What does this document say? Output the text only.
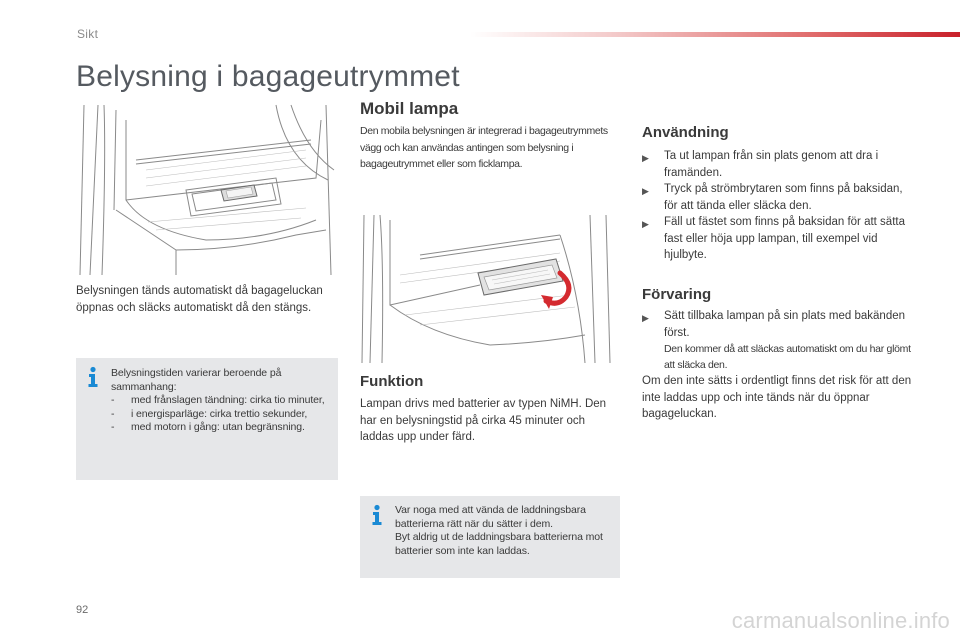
Sikt
Belysning i bagageutrymmet
Belysningen tänds automatiskt då bagageluckan öppnas och släcks automatiskt då den stängs.
Belysningstiden varierar beroende på sammanhang:
-	med frånslagen tändning: cirka tio minuter,
-	i energisparläge: cirka trettio sekunder,
-	med motorn i gång: utan begränsning.
Mobil lampa
Den mobila belysningen är integrerad i bagageutrymmets vägg och kan användas antingen som belysning i bagageutrymmet eller som ficklampa.
Funktion
Lampan drivs med batterier av typen NiMH. Den har en belysningstid på cirka 45 minuter och laddas upp under färd.
Var noga med att vända de laddningsbara batterierna rätt när du sätter i dem.
Byt aldrig ut de laddningsbara batterierna mot batterier som inte kan laddas.
Användning
▶	Ta ut lampan från sin plats genom att dra i framänden.
▶	Tryck på strömbrytaren som finns på baksidan, för att tända eller släcka den.
▶	Fäll ut fästet som finns på baksidan för att sätta fast eller höja upp lampan, till exempel vid hjulbyte.
Förvaring
▶	Sätt tillbaka lampan på sin plats med bakänden först.
Den kommer då att släckas automatiskt om du har glömt att släcka den.
Om den inte sätts i ordentligt finns det risk för att den inte laddas upp och inte tänds när du öppnar bagageluckan.
92	carmanualsonline.info
